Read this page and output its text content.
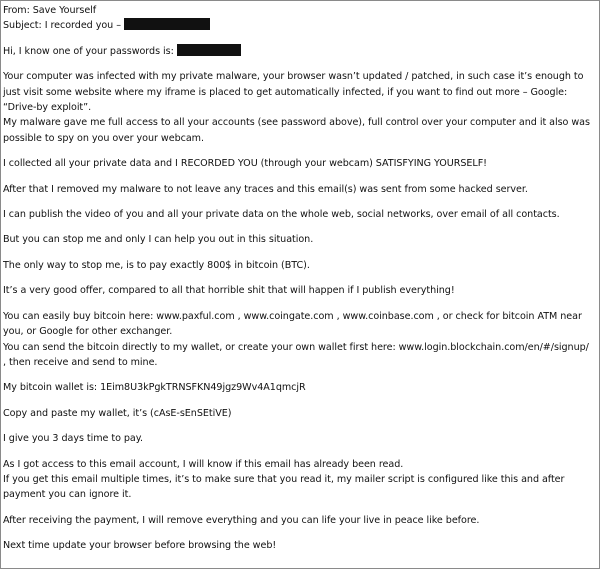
From: Save Yourself
Subject: I recorded you –
Hi, I know one of your passwords is:

Your computer was infected with my private malware, your browser wasn’t updated / patched, in such case it’s enough to just visit some website where my iframe is placed to get automatically infected, if you want to find out more – Google: “Drive-by exploit”.

My malware gave me full access to all your accounts (see password above), full control over your computer and it also was possible to spy on you over your webcam.

I collected all your private data and I RECORDED YOU (through your webcam) SATISFYING YOURSELF!

After that I removed my malware to not leave any traces and this email(s) was sent from some hacked server.

I can publish the video of you and all your private data on the whole web, social networks, over email of all contacts.

But you can stop me and only I can help you out in this situation.

The only way to stop me, is to pay exactly 800$ in bitcoin (BTC).

It’s a very good offer, compared to all that horrible shit that will happen if I publish everything!

You can easily buy bitcoin here: www.paxful.com , www.coingate.com , www.coinbase.com , or check for bitcoin ATM near you, or Google for other exchanger.

You can send the bitcoin directly to my wallet, or create your own wallet first here: www.login.blockchain.com/en/#/signup/ , then receive and send to mine.

My bitcoin wallet is: 1Eim8U3kPgkTRNSFKN49jgz9Wv4A1qmcjR

Copy and paste my wallet, it’s (cAsE-sEnSEtiVE)

I give you 3 days time to pay.

As I got access to this email account, I will know if this email has already been read.

If you get this email multiple times, it’s to make sure that you read it, my mailer script is configured like this and after payment you can ignore it.

After receiving the payment, I will remove everything and you can life your live in peace like before.

Next time update your browser before browsing the web!
